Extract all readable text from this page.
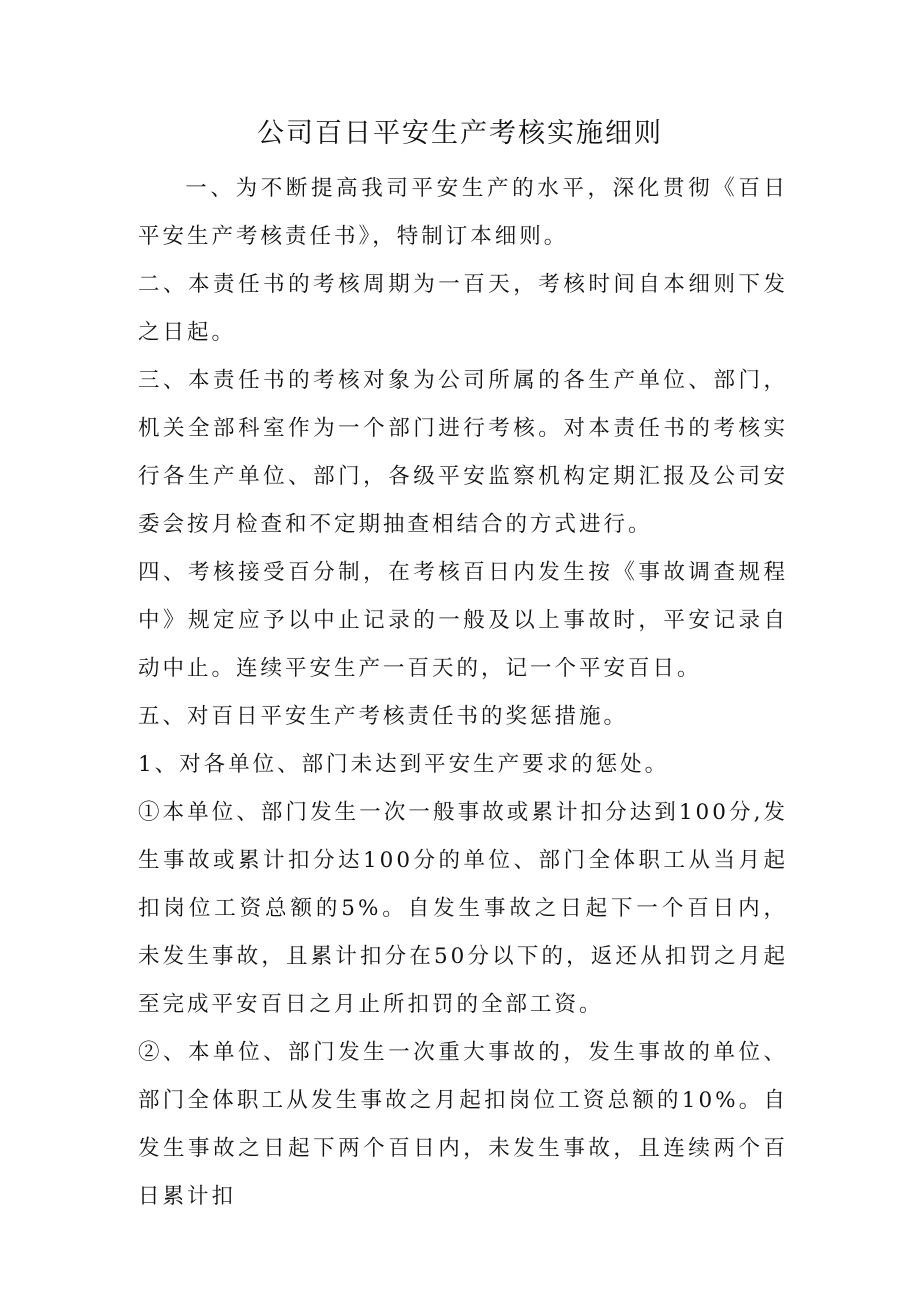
公司百日平安生产考核实施细则

一、为不断提高我司平安生产的水平，深化贯彻《百日平安生产考核责任书》，特制订本细则。

二、本责任书的考核周期为一百天，考核时间自本细则下发之日起。

三、本责任书的考核对象为公司所属的各生产单位、部门，机关全部科室作为一个部门进行考核。对本责任书的考核实行各生产单位、部门，各级平安监察机构定期汇报及公司安委会按月检查和不定期抽查相结合的方式进行。

四、考核接受百分制，在考核百日内发生按《事故调查规程中》规定应予以中止记录的一般及以上事故时，平安记录自动中止。连续平安生产一百天的，记一个平安百日。

五、对百日平安生产考核责任书的奖惩措施。

1、对各单位、部门未达到平安生产要求的惩处。

①本单位、部门发生一次一般事故或累计扣分达到100分,发生事故或累计扣分达100分的单位、部门全体职工从当月起扣岗位工资总额的5%。自发生事故之日起下一个百日内，未发生事故，且累计扣分在50分以下的，返还从扣罚之月起至完成平安百日之月止所扣罚的全部工资。

②、本单位、部门发生一次重大事故的，发生事故的单位、部门全体职工从发生事故之月起扣岗位工资总额的10%。自发生事故之日起下两个百日内，未发生事故，且连续两个百日累计扣
